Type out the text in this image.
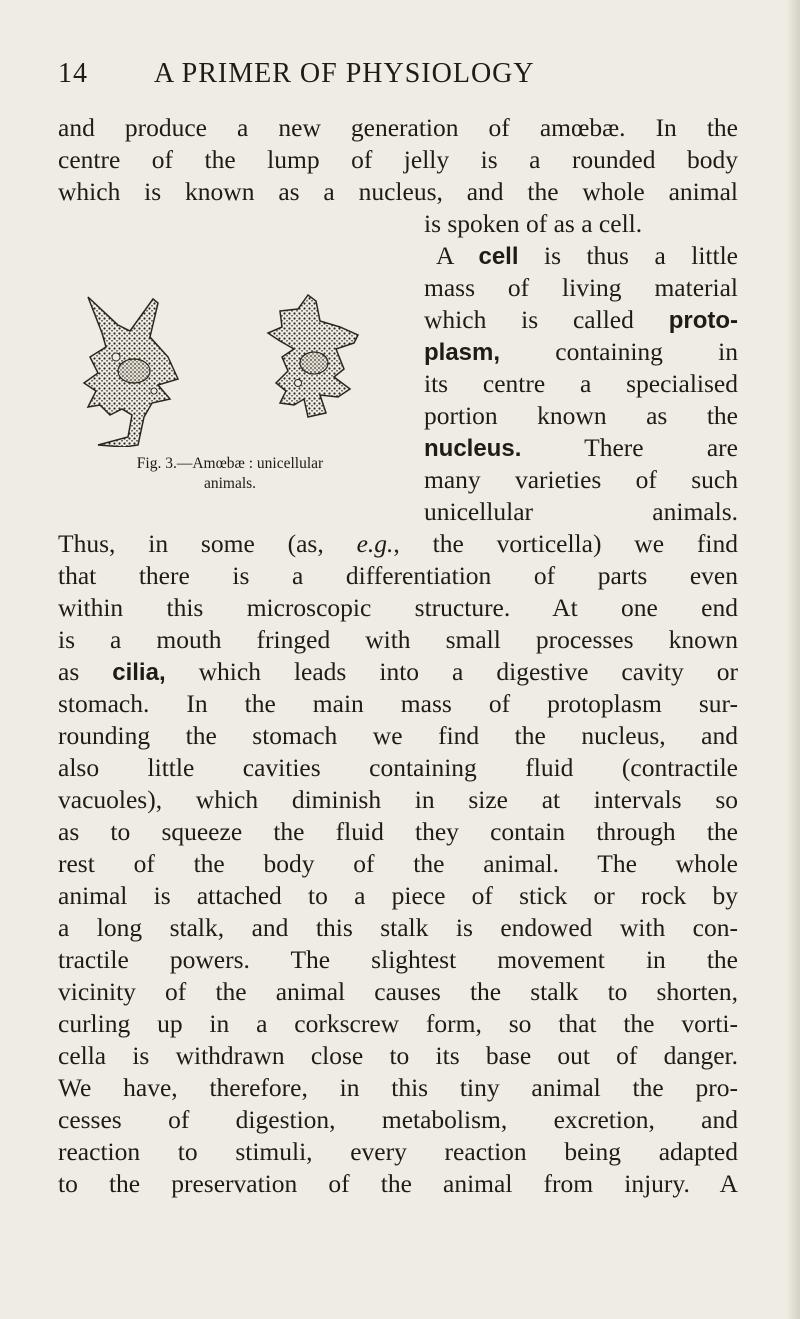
14 A PRIMER OF PHYSIOLOGY
and produce a new generation of amœbæ. In the
centre of the lump of jelly is a rounded body
which is known as a nucleus, and the whole animal
is spoken of as a cell.
A cell is thus a little
mass of living material
which is called proto-
plasm, containing in
its centre a specialised
portion known as the
nucleus. There are
many varieties of such
unicellular animals.
Fig. 3.—Amœbæ : unicellular
animals.
Thus, in some (as, e.g., the vorticella) we find
that there is a differentiation of parts even
within this microscopic structure. At one end
is a mouth fringed with small processes known
as cilia, which leads into a digestive cavity or
stomach. In the main mass of protoplasm sur-
rounding the stomach we find the nucleus, and
also little cavities containing fluid (contractile
vacuoles), which diminish in size at intervals so
as to squeeze the fluid they contain through the
rest of the body of the animal. The whole
animal is attached to a piece of stick or rock by
a long stalk, and this stalk is endowed with con-
tractile powers. The slightest movement in the
vicinity of the animal causes the stalk to shorten,
curling up in a corkscrew form, so that the vorti-
cella is withdrawn close to its base out of danger.
We have, therefore, in this tiny animal the pro-
cesses of digestion, metabolism, excretion, and
reaction to stimuli, every reaction being adapted
to the preservation of the animal from injury. A
